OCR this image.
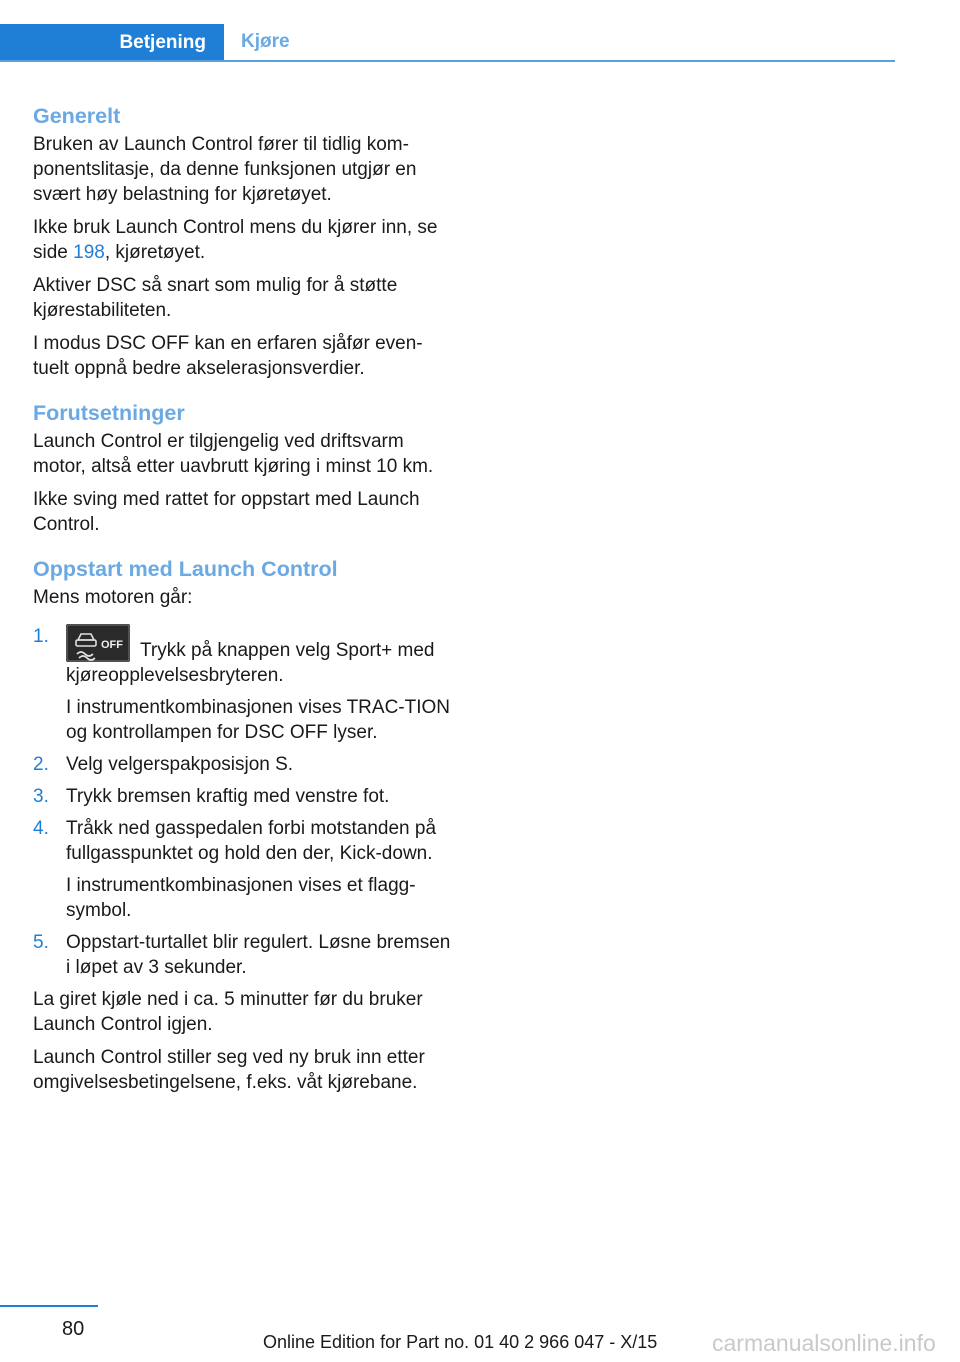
Betjening	Kjøre
Generelt

Bruken av Launch Control fører til tidlig kom-ponentslitasje, da denne funksjonen utgjør en svært høy belastning for kjøretøyet.

Ikke bruk Launch Control mens du kjører inn, se side 198, kjøretøyet.

Aktiver DSC så snart som mulig for å støtte kjørestabiliteten.

I modus DSC OFF kan en erfaren sjåfør even-tuelt oppnå bedre akselerasjonsverdier.

Forutsetninger

Launch Control er tilgjengelig ved driftsvarm motor, altså etter uavbrutt kjøring i minst 10 km.

Ikke sving med rattet for oppstart med Launch Control.

Oppstart med Launch Control

Mens motoren går:

1.	OFF Trykk på knappen velg Sport+ med kjøreopplevelsesbryteren.
I instrumentkombinasjonen vises TRAC-TION og kontrollampen for DSC OFF lyser.
2. Velg velgerspakposisjon S.
3. Trykk bremsen kraftig med venstre fot.
4. Tråkk ned gasspedalen forbi motstanden på fullgasspunktet og hold den der, Kick-down.
I instrumentkombinasjonen vises et flagg-symbol.
5. Oppstart-turtallet blir regulert. Løsne bremsen i løpet av 3 sekunder.

La giret kjøle ned i ca. 5 minutter før du bruker Launch Control igjen.

Launch Control stiller seg ved ny bruk inn etter omgivelsesbetingelsene, f.eks. våt kjørebane.

80
Online Edition for Part no. 01 40 2 966 047 - X/15 carmanualsonline.info
